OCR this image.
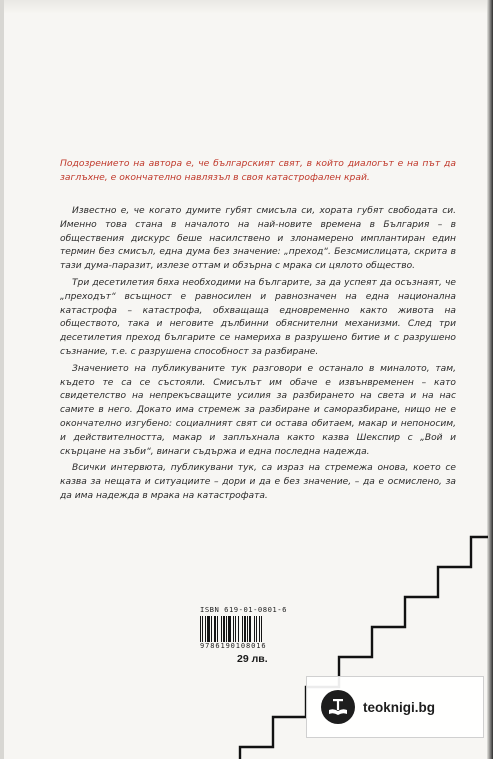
Подозрението на автора е, че българският свят, в който диалогът е на път да заглъхне, е окончателно навлязъл в своя катастрофален край.

Известно е, че когато думите губят смисъла си, хората губят свободата си. Именно това стана в началото на най-новите времена в България – в обществения дискурс беше насилствено и злонамерено имплантиран един термин без смисъл, една дума без значение: „преход“. Безсмислицата, скрита в тази дума-паразит, излезе оттам и обзърна с мрака си цялото общество.

Три десетилетия бяха необходими на българите, за да успеят да осъзнаят, че „преходът“ всъщност е равносилен и равнозначен на една национална катастрофа – катастрофа, обхващаща едновременно както живота на обществото, така и неговите дълбинни обяснителни механизми. След три десетилетия преход българите се намериха в разрушено битие и с разрушено съзнание, т.е. с разрушена способност за разбиране.

Значението на публикуваните тук разговори е останало в миналото, там, където те са се състояли. Смисълът им обаче е извънвременен – като свидетелство на непрекъсващите усилия за разбирането на света и на нас самите в него. Докато има стремеж за разбиране и саморазбиране, нищо не е окончателно изгубено: социалният свят си остава обитаем, макар и непоносим, и действителността, макар и заплъхнала както казва Шекспир с „Вой и скърцане на зъби“, винаги съдържа и една последна надежда.

Всички интервюта, публикувани тук, са израз на стремежа онова, което се казва за нещата и ситуациите – дори и да е без значение, – да е осмислено, за да има надежда в мрака на катастрофата.

ISBN 619-01-0801-6
9786190108016
29 лв.
teoknigi.bg
